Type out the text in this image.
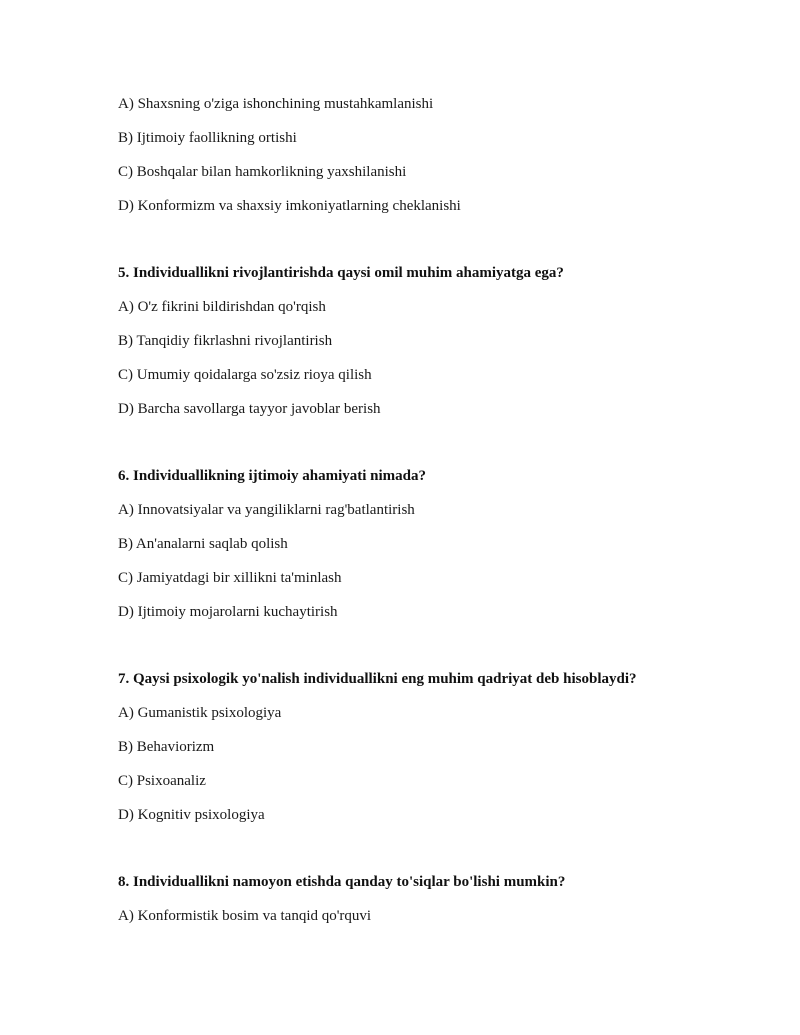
A) Shaxsning o'ziga ishonchining mustahkamlanishi
B) Ijtimoiy faollikning ortishi
C) Boshqalar bilan hamkorlikning yaxshilanishi
D) Konformizm va shaxsiy imkoniyatlarning cheklanishi
5. Individuallikni rivojlantirishda qaysi omil muhim ahamiyatga ega?
A) O'z fikrini bildirishdan qo'rqish
B) Tanqidiy fikrlashni rivojlantirish
C) Umumiy qoidalarga so'zsiz rioya qilish
D) Barcha savollarga tayyor javoblar berish
6. Individuallikning ijtimoiy ahamiyati nimada?
A) Innovatsiyalar va yangiliklarni rag'batlantirish
B) An'analarni saqlab qolish
C) Jamiyatdagi bir xillikni ta'minlash
D) Ijtimoiy mojarolarni kuchaytirish
7. Qaysi psixologik yo'nalish individuallikni eng muhim qadriyat deb hisoblaydi?
A) Gumanistik psixologiya
B) Behaviorizm
C) Psixoanaliz
D) Kognitiv psixologiya
8. Individuallikni namoyon etishda qanday to'siqlar bo'lishi mumkin?
A) Konformistik bosim va tanqid qo'rquvi
